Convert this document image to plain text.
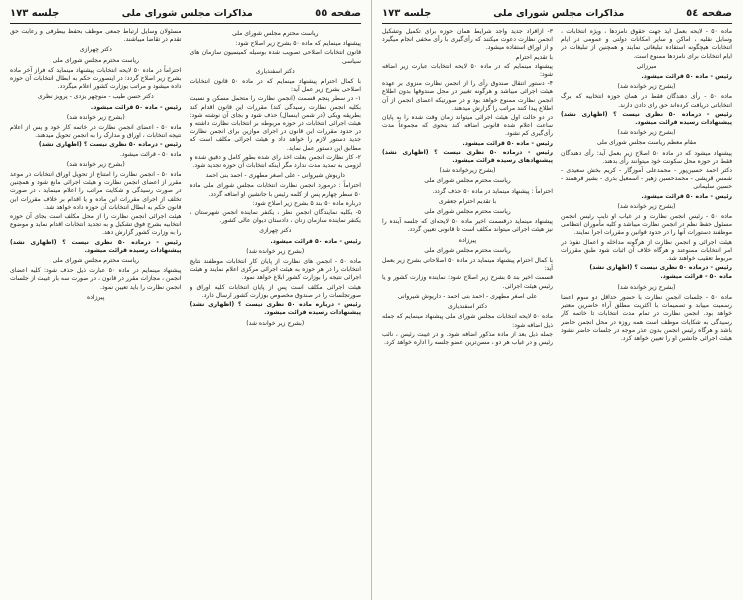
صفحه ٥٥
مذاکرات مجلس شورای ملی
جلسه ۱۷۳

ریاست محترم مجلس شورای ملی

پیشنهاد مینمایم که ماده ۵۰ بشرح زیر اصلاح شود:

قانون انتخابات اصلاحی تصویب شده بوسیله کمیسیون سازمان های سیاسی

دکتر اسفندیاری

با کمال احترام پیشنهاد مینمایم که در ماده ۵۰ قانون انتخابات اصلاحی بشرح زیر عمل آید:

۱- در سطر پنجم قسمت (انجمن نظارت را متحمل مسکن و نسبت بکلیه انجمن نظارت رسیدگی کند) مقررات این قانون اقدام کند بطریقه ویکی (در شمن اینسال) حذف شود و بجای آن نوشته شود: هیئت اجرائی انتخابات در حوزه مربوطه بر انتخابات نظارت داشته و در حدود مقررات این قانون در اجرای موازین برای انجمن نظارت جدید دستور لازم را خواهد داد و هیئت اجرائی مکلف است که مطابق این دستور عمل نماید.

۲- کار نظارت انجمن بعلت اخذ رای شده بطور کامل و دقیق شده و لزومی به تمدید مدت ندارد مگر اینکه انتخابات آن حوزه تجدید شود.

داریوش شیروانی - علی اصغر مطهری - احمد بنی احمد

احتراماً : درمورد انجمن نظارت انتخابات مجلس شورای ملی ماده ۵۰ سطر چهارم پس از کلمه رئیس با جانشین او اضافه گردد.

درباره ماده ۵۰ بند ۵ بشرح زیر اصلاح شود:

۵- بکلیه نمایندگان انجمن نظر ، یکنفر نماینده انجمن شهرستان ، یکنفر نماینده سازمان زنان ، دادستان دیوان عالی کشور.

دکتر چهرازی

رئیس - ماده ۵۰ قرائت میشود.

(بشرح زیر خوانده شد)

ماده ۵۰ - انجمن های نظارت از پایان کار انتخابات موظفند نتایج انتخابات را در هر حوزه به هیئت اجرائی مرکزی اعلام نمایند و هیئت اجرائی نتیجه را بوزارت کشور ابلاغ خواهد نمود.

هیئت اجرائی مکلف است پس از پایان انتخابات کلیه اوراق و صورتجلسات را در صندوق مخصوص بوزارت کشور ارسال دارد.

رئیس - درباره ماده ۵۰ نظری نیست ؟ (اظهاری نشد) پیشنهادات رسیده قرائت میشود.

(بشرح زیر خوانده شد)

مسئولان وسایل ارتباط جمعی موظف بحفظ بیطرفی و رعایت حق تقدم در تقاضا میباشند.

دکتر چهرازی

ریاست محترم مجلس شورای ملی

احتراماً در ماده ۵۰ لایحه انتخابات پیشنهاد مینماید که فراز آخر ماده بشرح زیر اصلاح گردد: در اینصورت حکم به ابطال انتخابات آن حوزه داده میشود و مراتب بوزارت کشور اعلام میگردد.

دکتر حسن طیب - منوچهر یزدی - پرویز نظری

رئیس - ماده ۵۰ قرائت میشود.

(بشرح زیر خوانده شد)

ماده ۵۰ - اعضای انجمن نظارت در خاتمه کار خود و پس از اعلام نتیجه انتخابات ، اوراق و مدارک را به انجمن تحویل میدهند.

رئیس - درماده ۵۰ نظری نیست ؟ (اظهاری نشد)

ماده ۵۰ - قرائت میشود.

(بشرح زیر خوانده شد)

ماده ۵۰ - انجمن نظارت را امتناع از تحویل اوراق انتخابات در موعد مقرر از اعضای انجمن نظارت و هیئت اجرائی مانع شود و همچنین در صورت رسیدگی و شکایت مراتب را اعلام مینماید ، در صورت تخلف از اجرای مقررات این ماده و یا اقدام بر خلاف مقررات این قانون حکم به ابطال انتخابات آن حوزه داده خواهد شد.

هیئت اجرائی انجمن نظارت را از محل مکلف است بجای آن حوزه انتخابیه بشرح فوق تشکیل و به تجدید انتخابات اقدام نماید و موضوع را به وزارت کشور گزارش دهد.

رئیس - درماده ۵۰ نظری نیست ؟ (اظهاری نشد) پیشنهادات رسیده قرائت میشود.

ریاست محترم مجلس شورای ملی

پیشنهاد مینمایم در ماده ۵۰ عبارت ذیل حذف شود: کلیه اعضای انجمن ، مجازات مقرر در قانون ، در صورت سه بار غیبت از جلسات انجمن نظارت را باید تعیین نمود.

پیرزاده

صفحه ٥٤
مذاکرات مجلس شورای ملی
جلسه ۱۷۳

ماده ۵۰ - لایحه بعمل آید جهت حقوق نامزدها ، ویژه انتخابات ، وسایل نقلیه ، اماکن و سایر امکانات دولتی و عمومی در ایام انتخابات هیچگونه استفاده تبلیغاتی نمایند و همچنین از تبلیغات در ایام انتخابات برای نامزدها ممنوع است.

میرزائی

رئیس - ماده ۵۰ قرائت میشود.

(بشرح زیر خوانده شد)

ماده ۵۰ - رأی دهندگان فقط در همان حوزه انتخابیه که برگ انتخاباتی دریافت کرده‌اند حق رای دادن دارند.

رئیس - درماده ۵۰ نظری نیست ؟ (اظهاری نشد) پیشنهادات رسیده قرائت میشود.

(بشرح زیر خوانده شد)

مقام معظم ریاست مجلس شورای ملی

پیشنهاد میشود که در ماده ۵۰ اصلاح زیر بعمل آید: رأی دهندگان فقط در حوزه محل سکونت خود میتوانند رأی بدهند.

دکتر احمد حسین‌پور - محمدعلی آموزگار - کریم بخش سعیدی - شمس قریشی - محمدحسین زهیر - اسمعیل بدری - بشیر فرهمند - حسین سلیمانی

رئیس - ماده ۵۰ قرائت میشود.

(بشرح زیر خوانده شد)

ماده ۵۰ - رئیس انجمن نظارت و در غیاب او نایب رئیس انجمن مسئول حفظ نظم در انجمن نظارت میباشد و کلیه مأموران انتظامی موظفند دستورات آنها را در حدود قوانین و مقررات اجرا نمایند.

هیئت اجرائی و انجمن نظارت از هرگونه مداخله و اعمال نفوذ در امر انتخابات ممنوعند و هرگاه خلاف آن اثبات شود طبق مقررات مربوط تعقیب خواهند شد.

رئیس - درماده ۵۰ نظری نیست ؟ (اظهاری نشد)

ماده ۵۰ - قرائت میشود.

(بشرح زیر خوانده شد)

ماده ۵۰ - جلسات انجمن نظارت با حضور حداقل دو سوم اعضا رسمیت مییابد و تصمیمات با اکثریت مطلق آراء حاضرین معتبر خواهد بود. انجمن نظارت در تمام مدت انتخابات تا خاتمه کار رسیدگی به شکایات موظف است همه روزه در محل انجمن حاضر باشد و هرگاه رئیس انجمن بدون عذر موجه در جلسات حاضر نشود هیئت اجرائی جانشین او را تعیین خواهد کرد.

۳- ازاقراد جدید واجد شرایط همان حوزه برای تکمیل وتشکیل انجمن نظارت دعوت میکنند که رأی‌گیری با رأی مخفی انجام میگیرد و از اوراق استفاده میشود.

با تقدیم احترام

پیشنهاد مینمایم که در ماده ۵۰ لایحه انتخابات عبارت زیر اضافه شود:

۴- دستور انتقال صندوق رأی را از انجمن نظارت منزوی بر عهده هیئت اجرائی میباشد و هرگونه تغییر در محل صندوقها بدون اطلاع انجمن نظارت ممنوع خواهد بود و در صورتیکه اعضای انجمن از آن اطلاع پیدا کنند مراتب را گزارش میدهند.

در دو حالت اول هیئت اجرائی میتواند زمان وقت شده را به پایان ساعت اعلام شده قانونی اضافه کند بنحوی که مجموعاً مدت رأی‌گیری کم نشود.

رئیس - ماده ۵۰ قرائت میشود.

رئیس - درماده ۵۰ نظری نیست ؟ (اظهاری نشد) پیشنهادهای رسیده قرائت میشود.

(بشرح زیرخوانده شد)

ریاست محترم مجلس شورای ملی

احتراماً : پیشنهاد مینماید در ماده ۵۰ حذف گردد.

با تقدیم احترام جعفری

ریاست محترم مجلس شورای ملی

پیشنهاد مینماید درقسمت اخیر ماده ۵۰ لایحه‌ای که جلسه آینده را نیز هیئت اجرائی میتواند مکلف است تا قانونی تعیین گردد.

پیرزاده

ریاست محترم مجلس شورای ملی

با کمال احترام پیشنهاد مینماید در ماده ۵۰ اصلاحاتی بشرح زیر بعمل آید:

قسمت اخیر بند ۵ بشرح زیر اصلاح شود: نماینده وزارت کشور و یا رئیس هیئت اجرائی.

علی اصغر مطهری - احمد بنی احمد - داریوش شیروانی

دکتر اسفندیاری

ماده ۵۰ لایحه انتخابات مجلس شورای ملی پیشنهاد مینمایم که جمله ذیل اضافه شود:

جمله ذیل بعد از ماده مذکور اضافه شود. و در غیبت رئیس ، نائب رئیس و در غیاب هر دو ، مسن‌ترین عضو جلسه را اداره خواهد کرد.
